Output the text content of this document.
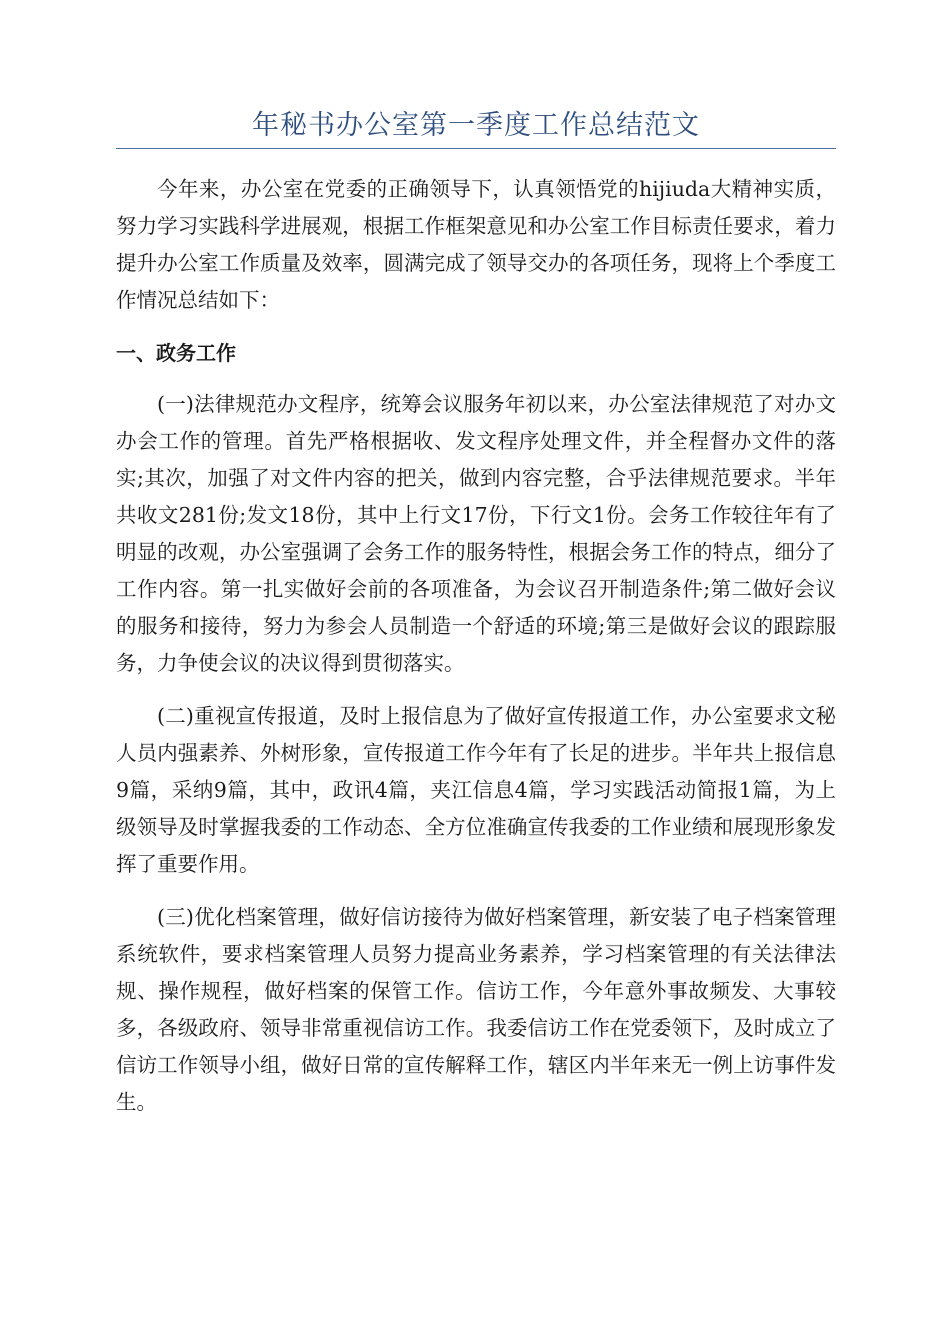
年秘书办公室第一季度工作总结范文

今年来，办公室在党委的正确领导下，认真领悟党的hijiuda大精神实质，努力学习实践科学进展观，根据工作框架意见和办公室工作目标责任要求，着力提升办公室工作质量及效率，圆满完成了领导交办的各项任务，现将上个季度工作情况总结如下：

一、政务工作

(一)法律规范办文程序，统筹会议服务年初以来，办公室法律规范了对办文办会工作的管理。首先严格根据收、发文程序处理文件，并全程督办文件的落实;其次，加强了对文件内容的把关，做到内容完整，合乎法律规范要求。半年共收文281份;发文18份，其中上行文17份，下行文1份。会务工作较往年有了明显的改观，办公室强调了会务工作的服务特性，根据会务工作的特点，细分了工作内容。第一扎实做好会前的各项准备，为会议召开制造条件;第二做好会议的服务和接待，努力为参会人员制造一个舒适的环境;第三是做好会议的跟踪服务，力争使会议的决议得到贯彻落实。

(二)重视宣传报道，及时上报信息为了做好宣传报道工作，办公室要求文秘人员内强素养、外树形象，宣传报道工作今年有了长足的进步。半年共上报信息9篇，采纳9篇，其中，政讯4篇，夹江信息4篇，学习实践活动简报1篇，为上级领导及时掌握我委的工作动态、全方位准确宣传我委的工作业绩和展现形象发挥了重要作用。

(三)优化档案管理，做好信访接待为做好档案管理，新安装了电子档案管理系统软件，要求档案管理人员努力提高业务素养，学习档案管理的有关法律法规、操作规程，做好档案的保管工作。信访工作，今年意外事故频发、大事较多，各级政府、领导非常重视信访工作。我委信访工作在党委领下，及时成立了信访工作领导小组，做好日常的宣传解释工作，辖区内半年来无一例上访事件发生。
